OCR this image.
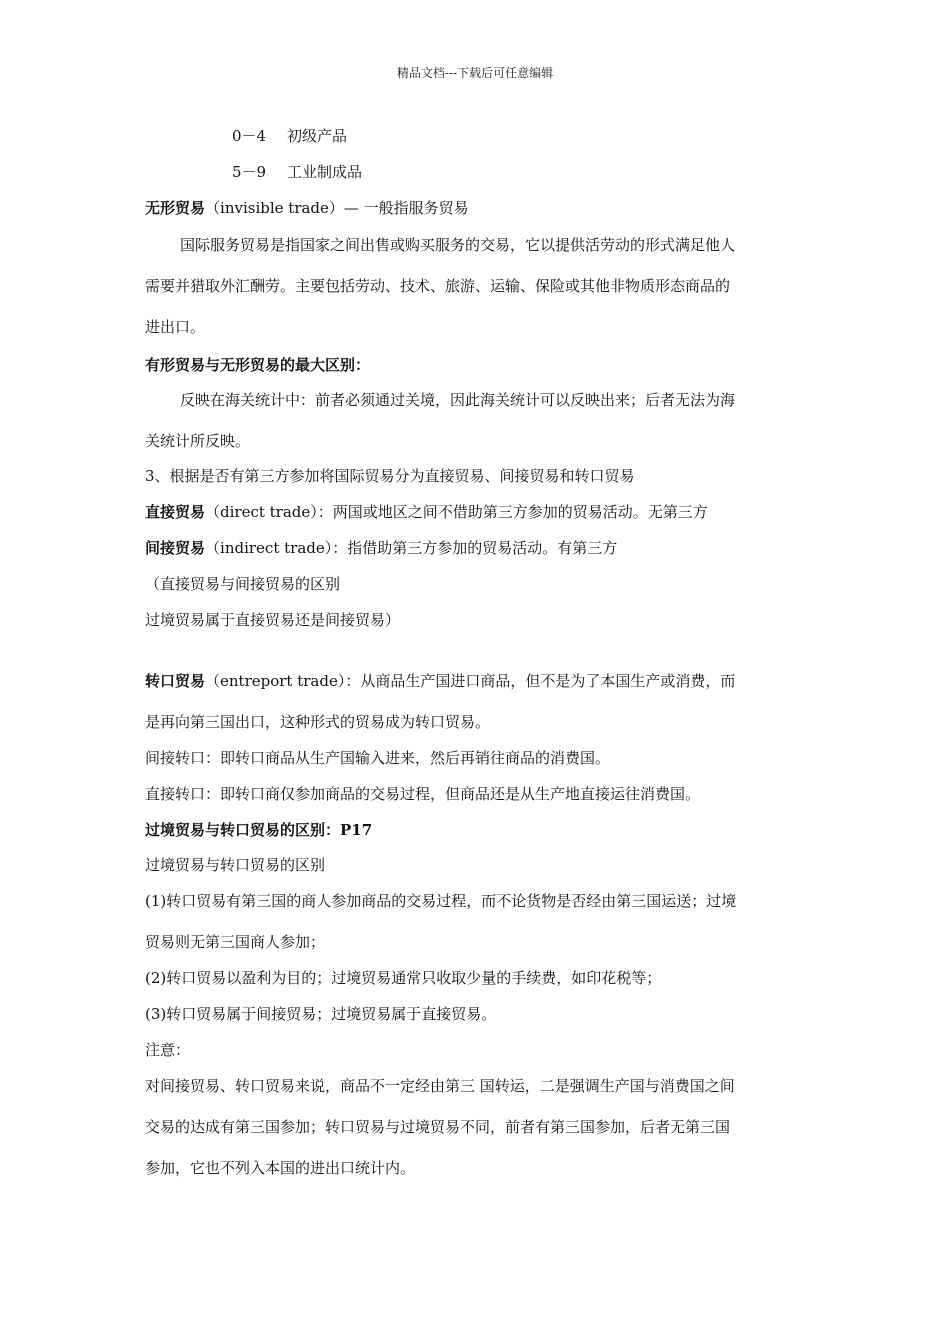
精品文档---下载后可任意编辑
0－4 初级产品
5－9 工业制成品
无形贸易（invisible trade）— 一般指服务贸易
国际服务贸易是指国家之间出售或购买服务的交易，它以提供活劳动的形式满足他人
需要并猎取外汇酬劳。主要包括劳动、技术、旅游、运输、保险或其他非物质形态商品的
进出口。
有形贸易与无形贸易的最大区别：
反映在海关统计中：前者必须通过关境，因此海关统计可以反映出来；后者无法为海
关统计所反映。
3、根据是否有第三方参加将国际贸易分为直接贸易、间接贸易和转口贸易
直接贸易（direct trade）：两国或地区之间不借助第三方参加的贸易活动。无第三方
间接贸易（indirect trade）：指借助第三方参加的贸易活动。有第三方
（直接贸易与间接贸易的区别
过境贸易属于直接贸易还是间接贸易）
转口贸易（entreport trade）：从商品生产国进口商品，但不是为了本国生产或消费，而
是再向第三国出口，这种形式的贸易成为转口贸易。
间接转口：即转口商品从生产国输入进来，然后再销往商品的消费国。
直接转口：即转口商仅参加商品的交易过程，但商品还是从生产地直接运往消费国。
过境贸易与转口贸易的区别：P17
过境贸易与转口贸易的区别
(1)转口贸易有第三国的商人参加商品的交易过程，而不论货物是否经由第三国运送；过境
贸易则无第三国商人参加；
(2)转口贸易以盈利为目的；过境贸易通常只收取少量的手续费，如印花税等；
(3)转口贸易属于间接贸易；过境贸易属于直接贸易。
注意：
对间接贸易、转口贸易来说，商品不一定经由第三 国转运，二是强调生产国与消费国之间
交易的达成有第三国参加；转口贸易与过境贸易不同，前者有第三国参加，后者无第三国
参加，它也不列入本国的进出口统计内。
